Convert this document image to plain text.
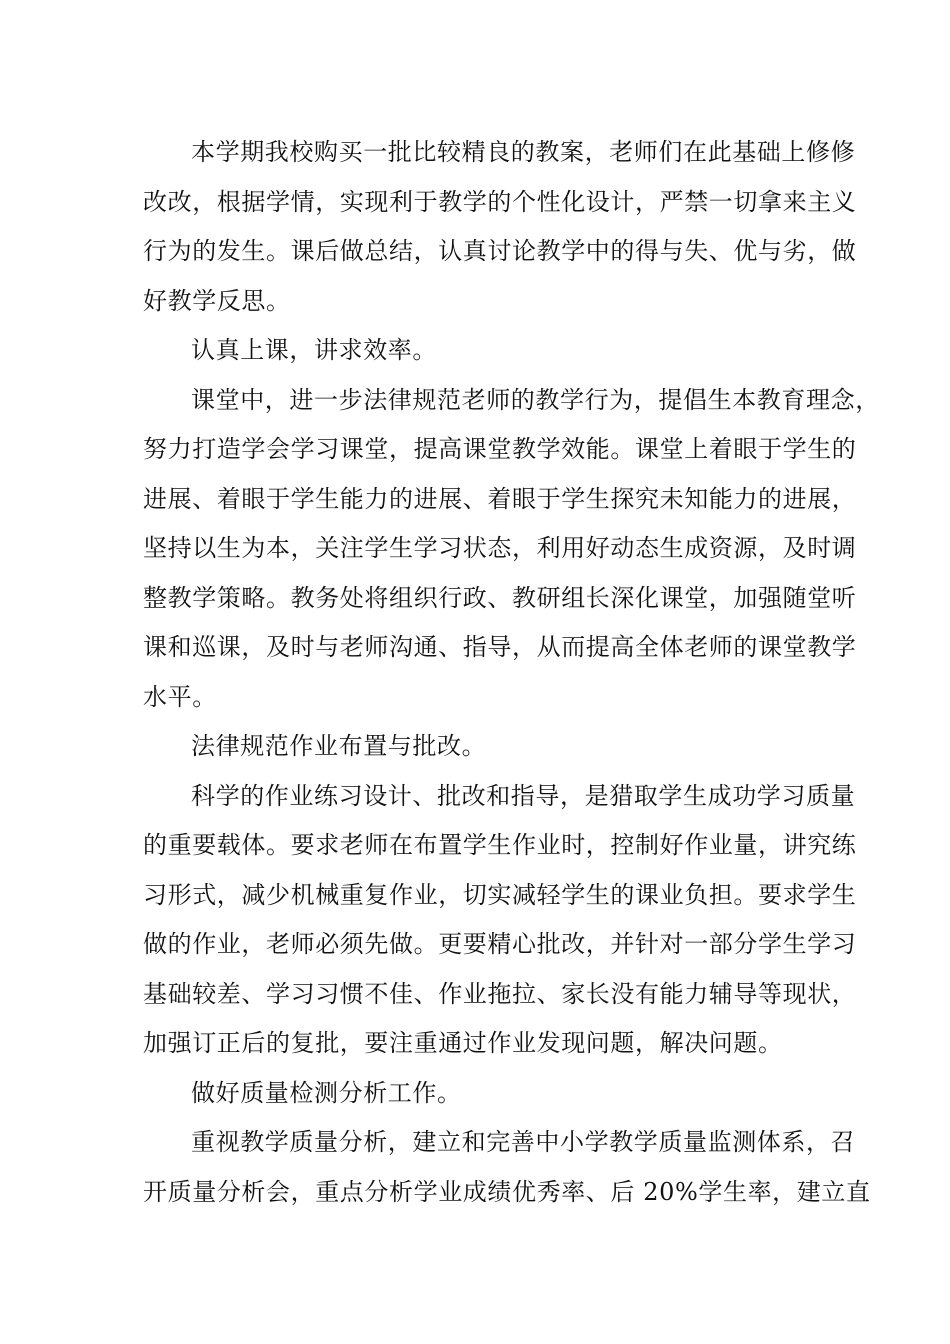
本学期我校购买一批比较精良的教案，老师们在此基础上修修
改改，根据学情，实现利于教学的个性化设计，严禁一切拿来主义
行为的发生。课后做总结，认真讨论教学中的得与失、优与劣，做
好教学反思。
认真上课，讲求效率。
课堂中，进一步法律规范老师的教学行为，提倡生本教育理念，
努力打造学会学习课堂，提高课堂教学效能。课堂上着眼于学生的
进展、着眼于学生能力的进展、着眼于学生探究未知能力的进展，
坚持以生为本，关注学生学习状态，利用好动态生成资源，及时调
整教学策略。教务处将组织行政、教研组长深化课堂，加强随堂听
课和巡课，及时与老师沟通、指导，从而提高全体老师的课堂教学
水平。
法律规范作业布置与批改。
科学的作业练习设计、批改和指导，是猎取学生成功学习质量
的重要载体。要求老师在布置学生作业时，控制好作业量，讲究练
习形式，减少机械重复作业，切实减轻学生的课业负担。要求学生
做的作业，老师必须先做。更要精心批改，并针对一部分学生学习
基础较差、学习习惯不佳、作业拖拉、家长没有能力辅导等现状，
加强订正后的复批，要注重通过作业发现问题，解决问题。
做好质量检测分析工作。
重视教学质量分析，建立和完善中小学教学质量监测体系，召
开质量分析会，重点分析学业成绩优秀率、后 20%学生率，建立直
